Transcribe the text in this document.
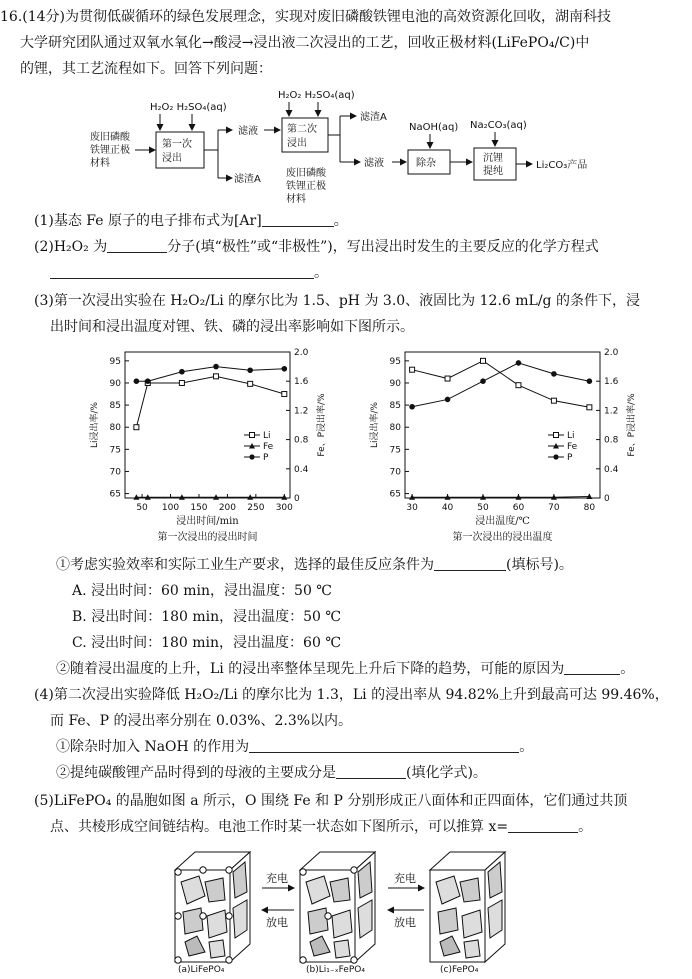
16.(14分)为贯彻低碳循环的绿色发展理念，实现对废旧磷酸铁锂电池的高效资源化回收，湖南科技
大学研究团队通过双氧水氧化→酸浸→浸出液二次浸出的工艺，回收正极材料(LiFePO₄/C)中
的锂，其工艺流程如下。回答下列问题：
H₂O₂ H₂SO₄(aq)
废旧磷酸
铁锂正极
材料
第一次
浸出
滤液
滤渣A
H₂O₂ H₂SO₄(aq)
第二次
浸出
滤渣A
滤液
废旧磷酸
铁锂正极
材料
NaOH(aq)
除杂
Na₂CO₃(aq)
沉锂
提纯
Li₂CO₃产品
(1)基态 Fe 原子的电子排布式为[Ar]	。
(2)H₂O₂ 为	分子(填“极性”或“非极性”)，写出浸出时发生的主要反应的化学方程式
。
(3)第一次浸出实验在 H₂O₂/Li 的摩尔比为 1.5、pH 为 3.0、液固比为 12.6 mL/g 的条件下，浸
出时间和浸出温度对锂、铁、磷的浸出率影响如下图所示。
65
70
75
80
85
90
95
0
0.4
0.8
1.2
1.6
2.0
50 100 150 200 250 300
浸出时间/min
第一次浸出的浸出时间
Li浸出率/%	Fe、P浸出率/%
Li
Fe
P
65
70
75
80
85
90
95
0
0.4
0.8
1.2
1.6
2.0
30	40	50	60	70	80
浸出温度/℃
第一次浸出的浸出温度
Li浸出率/%	Fe、P浸出率/%
Li
Fe
P
①考虑实验效率和实际工业生产要求，选择的最佳反应条件为	(填标号)。
A. 浸出时间：60 min，浸出温度：50 ℃
B. 浸出时间：180 min，浸出温度：50 ℃
C. 浸出时间：180 min，浸出温度：60 ℃
②随着浸出温度的上升，Li 的浸出率整体呈现先上升后下降的趋势，可能的原因为	。
(4)第二次浸出实验降低 H₂O₂/Li 的摩尔比为 1.3，Li 的浸出率从 94.82%上升到最高可达 99.46%，
而 Fe、P 的浸出率分别在 0.03%、2.3%以内。
①除杂时加入 NaOH 的作用为	。
②提纯碳酸锂产品时得到的母液的主要成分是	(填化学式)。
(5)LiFePO₄ 的晶胞如图 a 所示，O 围绕 Fe 和 P 分别形成正八面体和正四面体，它们通过共顶
点、共棱形成空间链结构。电池工作时某一状态如下图所示，可以推算 x=	。
充电
放电
充电
放电
(a)LiFePO₄	(b)Li₁₋ₓFePO₄	(c)FePO₄
